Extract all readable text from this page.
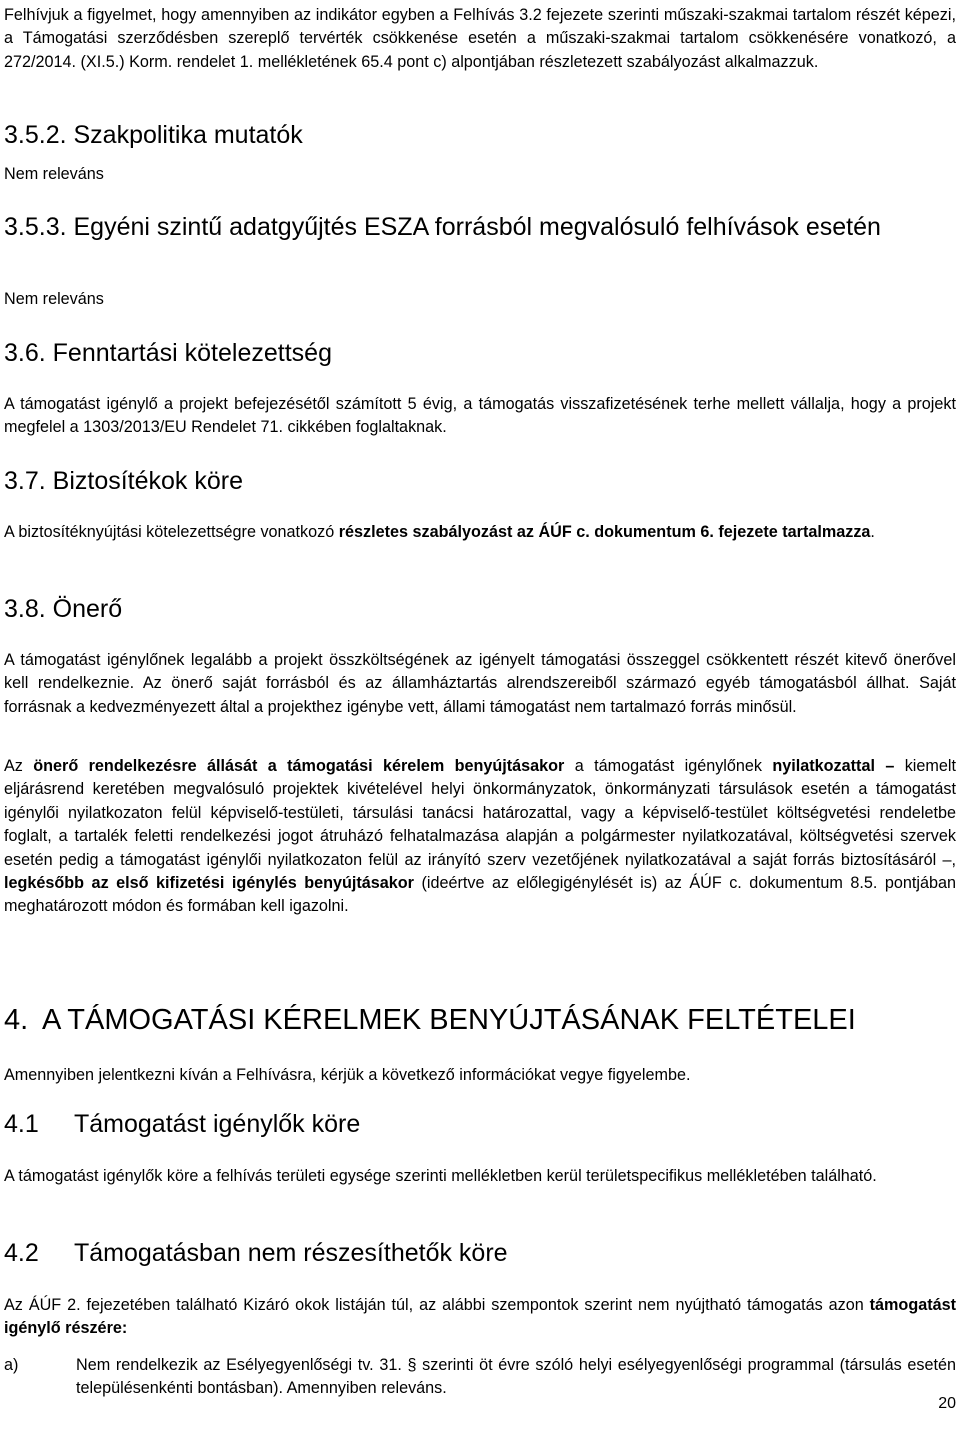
Felhívjuk a figyelmet, hogy amennyiben az indikátor egyben a Felhívás 3.2 fejezete szerinti műszaki-szakmai tartalom részét képezi, a Támogatási szerződésben szereplő tervérték csökkenése esetén a műszaki-szakmai tartalom csökkenésére vonatkozó, a 272/2014. (XI.5.) Korm. rendelet 1. mellékletének 65.4 pont c) alpontjában részletezett szabályozást alkalmazzuk.

3.5.2. Szakpolitika mutatók
Nem releváns
3.5.3. Egyéni szintű adatgyűjtés ESZA forrásból megvalósuló felhívások esetén
Nem releváns
3.6. Fenntartási kötelezettség

A támogatást igénylő a projekt befejezésétől számított 5 évig, a támogatás visszafizetésének terhe mellett vállalja, hogy a projekt megfelel a 1303/2013/EU Rendelet 71. cikkében foglaltaknak.

3.7. Biztosítékok köre

A biztosítéknyújtási kötelezettségre vonatkozó részletes szabályozást az ÁÚF c. dokumentum 6. fejezete tartalmazza.

3.8. Önerő

A támogatást igénylőnek legalább a projekt összköltségének az igényelt támogatási összeggel csökkentett részét kitevő önerővel kell rendelkeznie. Az önerő saját forrásból és az államháztartás alrendszereiből származó egyéb támogatásból állhat. Saját forrásnak a kedvezményezett által a projekthez igénybe vett, állami támogatást nem tartalmazó forrás minősül.

Az önerő rendelkezésre állását a támogatási kérelem benyújtásakor a támogatást igénylőnek nyilatkozattal – kiemelt eljárásrend keretében megvalósuló projektek kivételével helyi önkormányzatok, önkormányzati társulások esetén a támogatást igénylői nyilatkozaton felül képviselő-testületi, társulási tanácsi határozattal, vagy a képviselő-testület költségvetési rendeletbe foglalt, a tartalék feletti rendelkezési jogot átruházó felhatalmazása alapján a polgármester nyilatkozatával, költségvetési szervek esetén pedig a támogatást igénylői nyilatkozaton felül az irányító szerv vezetőjének nyilatkozatával a saját forrás biztosításáról –, legkésőbb az első kifizetési igénylés benyújtásakor (ideértve az előlegigénylését is) az ÁÚF c. dokumentum 8.5. pontjában meghatározott módon és formában kell igazolni.

4. A TÁMOGATÁSI KÉRELMEK BENYÚJTÁSÁNAK FELTÉTELEI

Amennyiben jelentkezni kíván a Felhívásra, kérjük a következő információkat vegye figyelembe.

4.1 Támogatást igénylők köre

A támogatást igénylők köre a felhívás területi egysége szerinti mellékletben kerül területspecifikus mellékletében található.

4.2 Támogatásban nem részesíthetők köre

Az ÁÚF 2. fejezetében található Kizáró okok listáján túl, az alábbi szempontok szerint nem nyújtható támogatás azon támogatást igénylő részére:

a)	Nem rendelkezik az Esélyegyenlőségi tv. 31. § szerinti öt évre szóló helyi esélyegyenlőségi programmal (társulás esetén településenkénti bontásban). Amennyiben releváns.
20
